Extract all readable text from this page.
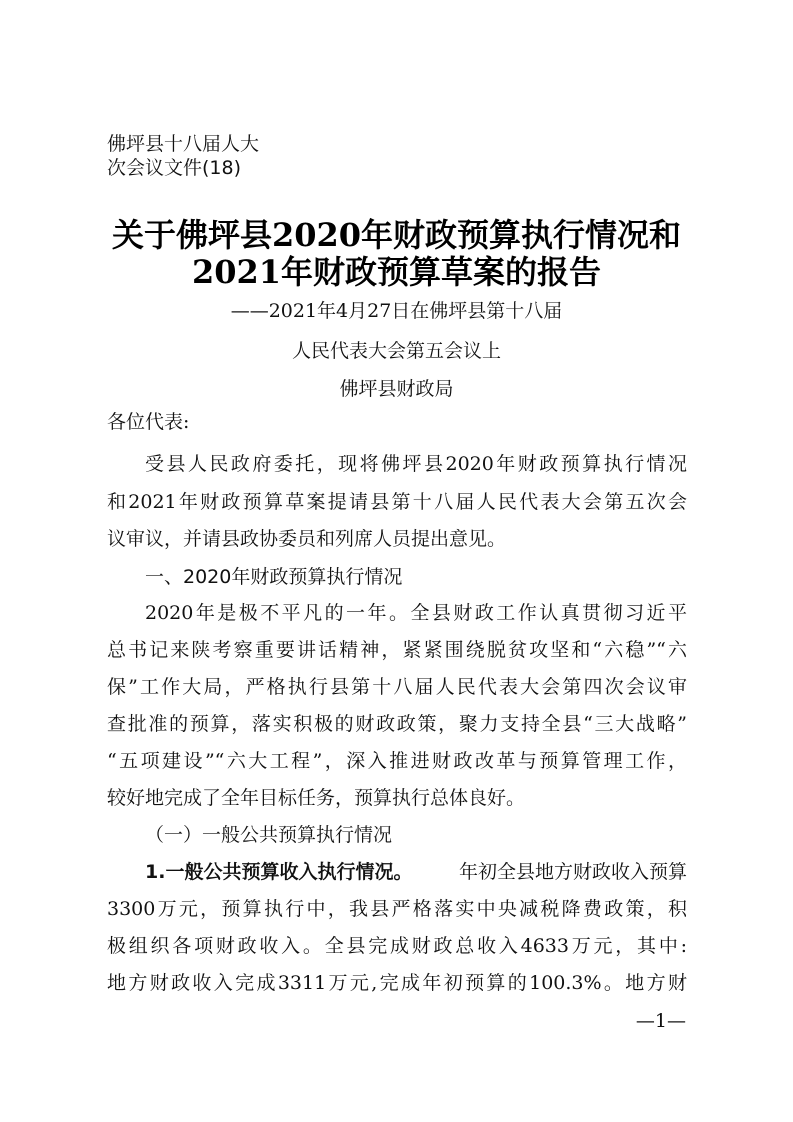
佛坪县十八届人大
次会议文件(18)
关于佛坪县2020年财政预算执行情况和
2021年财政预算草案的报告
——2021年4月27日在佛坪县第十八届
人民代表大会第五会议上
佛坪县财政局
各位代表:
受县人民政府委托，现将佛坪县2020年财政预算执行情况
和2021年财政预算草案提请县第十八届人民代表大会第五次会
议审议，并请县政协委员和列席人员提出意见。
一、2020年财政预算执行情况
2020年是极不平凡的一年。全县财政工作认真贯彻习近平
总书记来陕考察重要讲话精神，紧紧围绕脱贫攻坚和“六稳”“六
保”工作大局，严格执行县第十八届人民代表大会第四次会议审
查批准的预算，落实积极的财政政策，聚力支持全县“三大战略”
“五项建设”“六大工程”，深入推进财政改革与预算管理工作，
较好地完成了全年目标任务，预算执行总体良好。
（一）一般公共预算执行情况
1.一般公共预算收入执行情况。 年初全县地方财政收入预算
3300万元，预算执行中，我县严格落实中央减税降费政策，积
极组织各项财政收入。全县完成财政总收入4633万元，其中:
地方财政收入完成3311万元,完成年初预算的100.3%。地方财
—1—
